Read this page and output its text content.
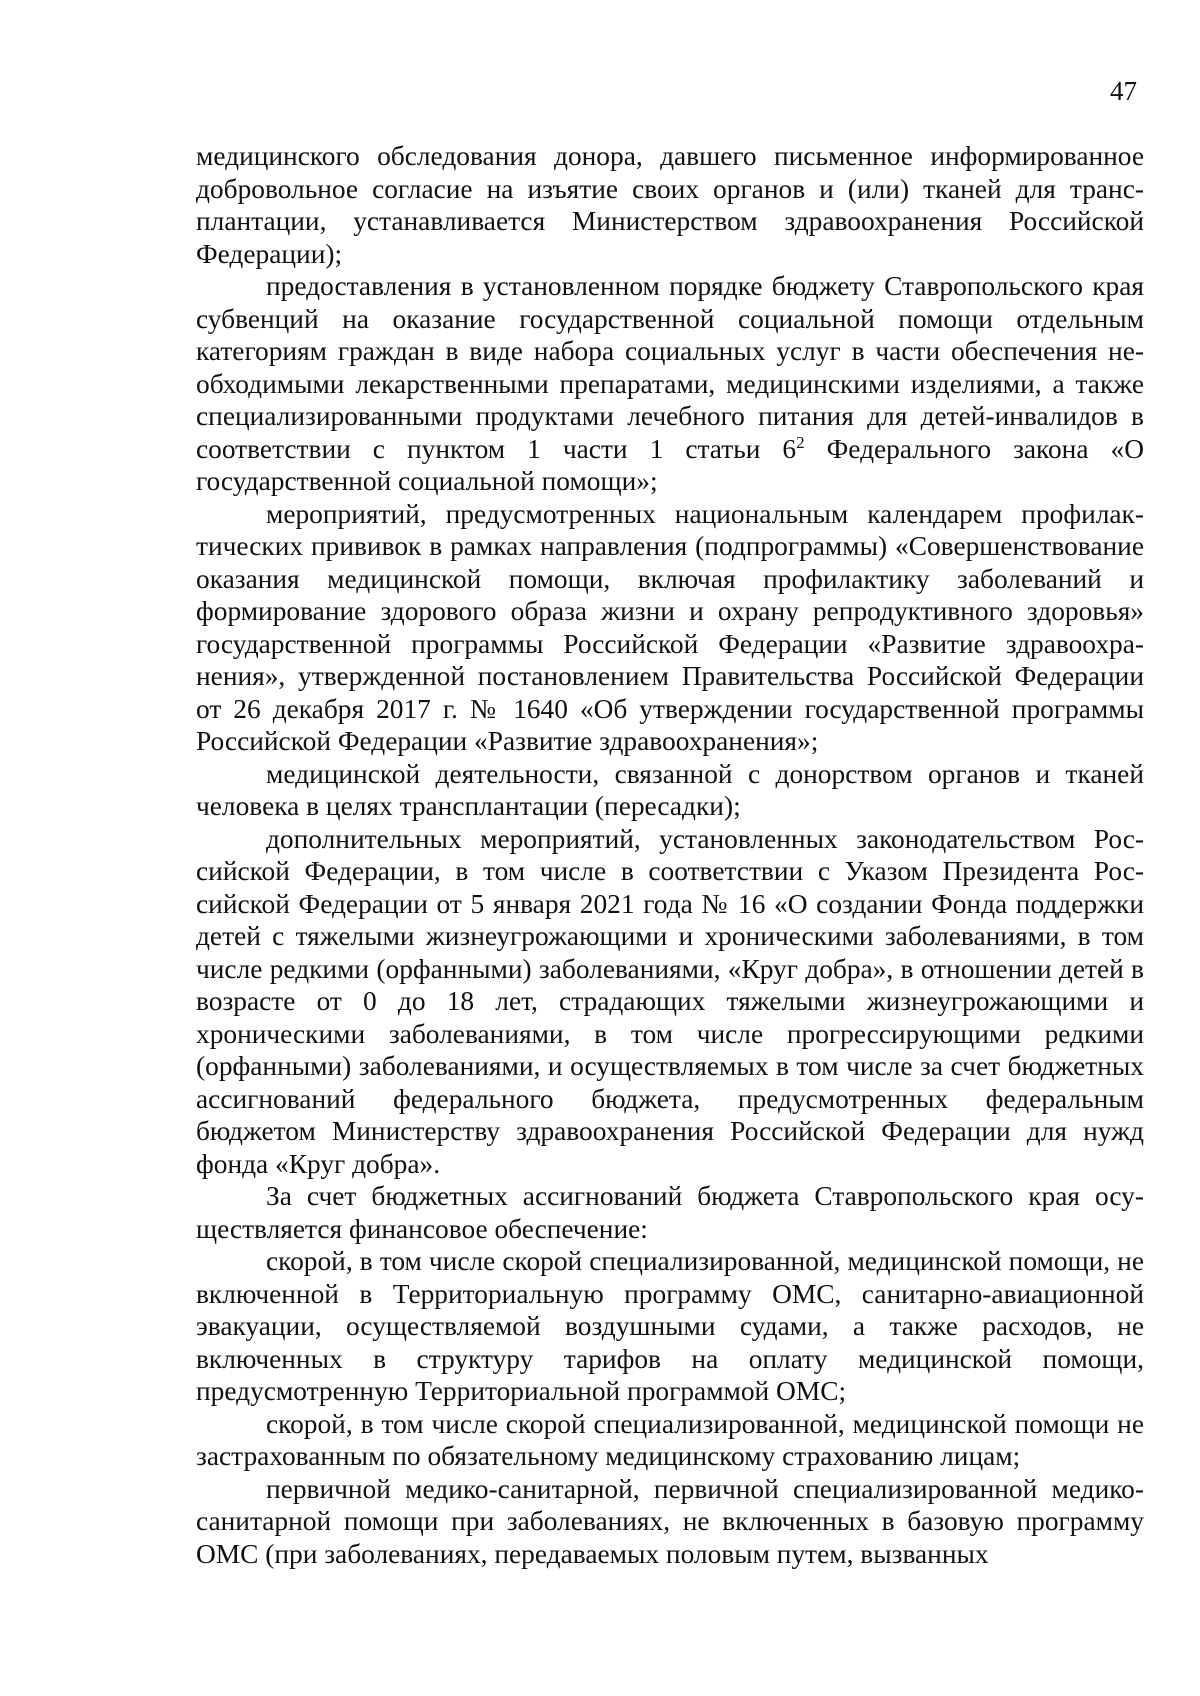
47

медицинского обследования донора, давшего письменное информированное добровольное согласие на изъятие своих органов и (или) тканей для трансплантации, устанавливается Министерством здравоохранения Российской Федерации);

предоставления в установленном порядке бюджету Ставропольского края субвенций на оказание государственной социальной помощи отдельным категориям граждан в виде набора социальных услуг в части обеспечения необходимыми лекарственными препаратами, медицинскими изделиями, а также специализированными продуктами лечебного питания для детей-инвалидов в соответствии с пунктом 1 части 1 статьи $6^2$ Федерального закона «О государственной социальной помощи»;

мероприятий, предусмотренных национальным календарем профилактических прививок в рамках направления (подпрограммы) «Совершенствование оказания медицинской помощи, включая профилактику заболеваний и формирование здорового образа жизни и охрану репродуктивного здоровья» государственной программы Российской Федерации «Развитие здравоохранения», утвержденной постановлением Правительства Российской Федерации от 26 декабря 2017 г. № 1640 «Об утверждении государственной программы Российской Федерации «Развитие здравоохранения»;

медицинской деятельности, связанной с донорством органов и тканей человека в целях трансплантации (пересадки);

дополнительных мероприятий, установленных законодательством Российской Федерации, в том числе в соответствии с Указом Президента Российской Федерации от 5 января 2021 года № 16 «О создании Фонда поддержки детей с тяжелыми жизнеугрожающими и хроническими заболеваниями, в том числе редкими (орфанными) заболеваниями, «Круг добра», в отношении детей в возрасте от 0 до 18 лет, страдающих тяжелыми жизнеугрожающими и хроническими заболеваниями, в том числе прогрессирующими редкими (орфанными) заболеваниями, и осуществляемых в том числе за счет бюджетных ассигнований федерального бюджета, предусмотренных федеральным бюджетом Министерству здравоохранения Российской Федерации для нужд фонда «Круг добра».

За счет бюджетных ассигнований бюджета Ставропольского края осуществляется финансовое обеспечение:

скорой, в том числе скорой специализированной, медицинской помощи, не включенной в Территориальную программу ОМС, санитарно-авиационной эвакуации, осуществляемой воздушными судами, а также расходов, не включенных в структуру тарифов на оплату медицинской помощи, предусмотренную Территориальной программой ОМС;

скорой, в том числе скорой специализированной, медицинской помощи не застрахованным по обязательному медицинскому страхованию лицам;

первичной медико-санитарной, первичной специализированной медико-санитарной помощи при заболеваниях, не включенных в базовую программу ОМС (при заболеваниях, передаваемых половым путем, вызванных
